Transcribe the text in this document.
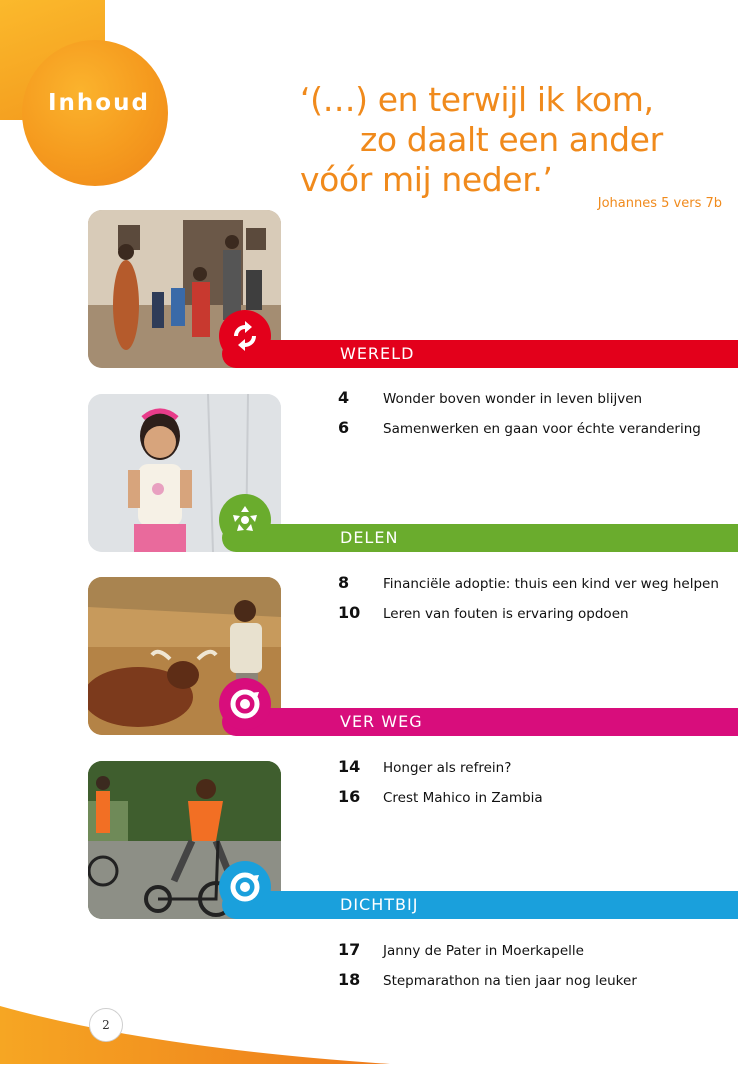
Inhoud	‘(…) en terwijl ik kom,
zo daalt een ander
vóór mij neder.’
Johannes 5 vers 7b
WERELD
4	Wonder boven wonder in leven blijven
6	Samenwerken en gaan voor échte verandering
DELEN
8	Financiële adoptie: thuis een kind ver weg helpen
10	Leren van fouten is ervaring opdoen
VER WEG
14	Honger als refrein?
16	Crest Mahico in Zambia
DICHTBIJ
17	Janny de Pater in Moerkapelle
18	Stepmarathon na tien jaar nog leuker
2
